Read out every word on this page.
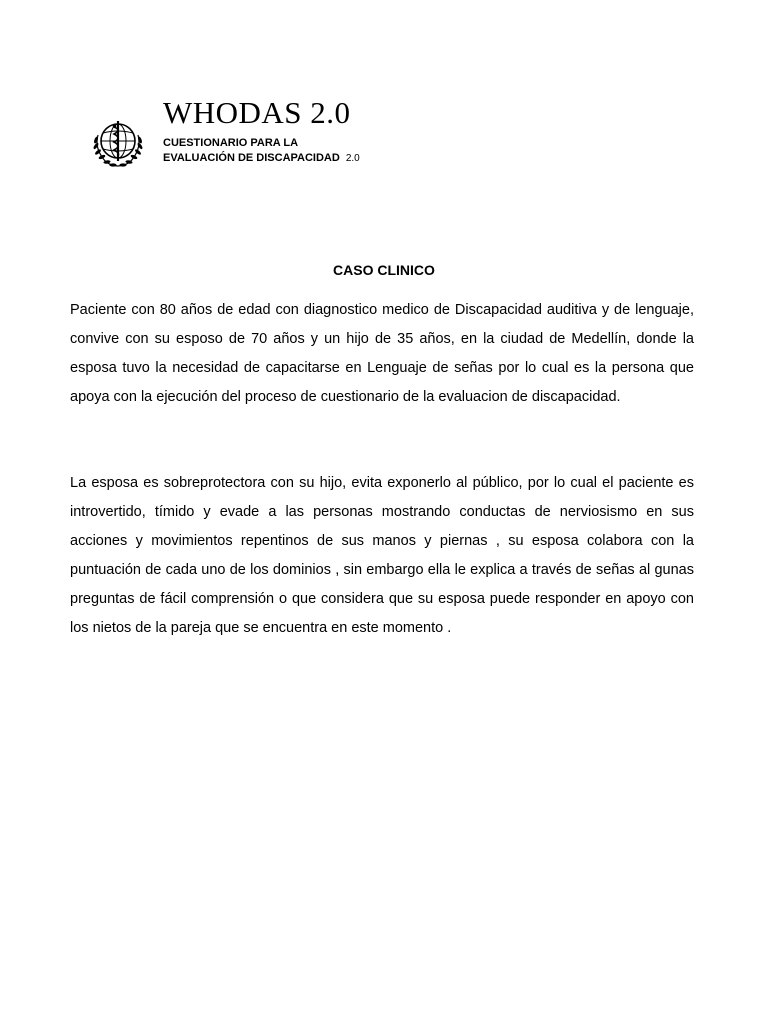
WHODAS 2.0
CUESTIONARIO PARA LA
EVALUACIÓN DE DISCAPACIDAD 2.0
CASO CLINICO

Paciente con 80 años de edad con diagnostico medico de Discapacidad auditiva y de lenguaje, convive con su esposo de 70 años y un hijo de 35 años, en la ciudad de Medellín, donde la esposa tuvo la necesidad de capacitarse en Lenguaje de señas por lo cual es la persona que apoya con la ejecución del proceso de cuestionario de la evaluacion de discapacidad.

La esposa es sobreprotectora con su hijo, evita exponerlo al público, por lo cual el paciente es introvertido, tímido y evade a las personas mostrando conductas de nerviosismo en sus acciones y movimientos repentinos de sus manos y piernas , su esposa colabora con la puntuación de cada uno de los dominios , sin embargo ella le explica a través de señas al gunas preguntas de fácil comprensión o que considera que su esposa puede responder en apoyo con los nietos de la pareja que se encuentra en este momento .
